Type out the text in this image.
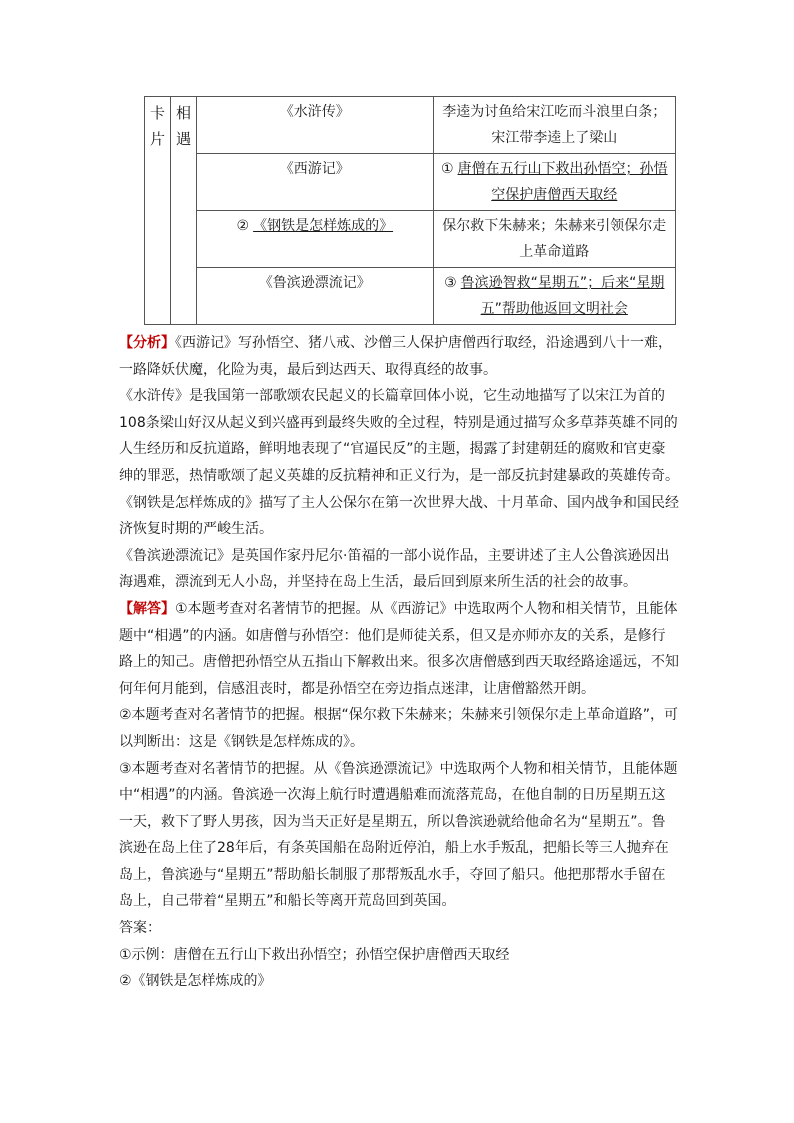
卡片	相遇	《水浒传》	李逵为讨鱼给宋江吃而斗浪里白条；宋江带李逵上了梁山
		《西游记》	① 唐僧在五行山下救出孙悟空；孙悟空保护唐僧西天取经
		② 《钢铁是怎样炼成的》	保尔救下朱赫来；朱赫来引领保尔走上革命道路
		《鲁滨逊漂流记》	③ 鲁滨逊智救“星期五”；后来“星期五”帮助他返回文明社会

【分析】《西游记》写孙悟空、猪八戒、沙僧三人保护唐僧西行取经，沿途遇到八十一难，一路降妖伏魔，化险为夷，最后到达西天、取得真经的故事。

《水浒传》是我国第一部歌颂农民起义的长篇章回体小说，它生动地描写了以宋江为首的108条梁山好汉从起义到兴盛再到最终失败的全过程，特别是通过描写众多草莽英雄不同的人生经历和反抗道路，鲜明地表现了“官逼民反”的主题，揭露了封建朝廷的腐败和官吏豪绅的罪恶，热情歌颂了起义英雄的反抗精神和正义行为，是一部反抗封建暴政的英雄传奇。

《钢铁是怎样炼成的》描写了主人公保尔在第一次世界大战、十月革命、国内战争和国民经济恢复时期的严峻生活。

《鲁滨逊漂流记》是英国作家丹尼尔·笛福的一部小说作品，主要讲述了主人公鲁滨逊因出海遇难，漂流到无人小岛，并坚持在岛上生活，最后回到原来所生活的社会的故事。

【解答】①本题考查对名著情节的把握。从《西游记》中选取两个人物和相关情节，且能体题中“相遇”的内涵。如唐僧与孙悟空：他们是师徒关系，但又是亦师亦友的关系，是修行路上的知己。唐僧把孙悟空从五指山下解救出来。很多次唐僧感到西天取经路途遥远，不知何年何月能到，信感沮丧时，都是孙悟空在旁边指点迷津，让唐僧豁然开朗。

②本题考查对名著情节的把握。根据“保尔救下朱赫来；朱赫来引领保尔走上革命道路”，可以判断出：这是《钢铁是怎样炼成的》。

③本题考查对名著情节的把握。从《鲁滨逊漂流记》中选取两个人物和相关情节，且能体题中“相遇”的内涵。鲁滨逊一次海上航行时遭遇船难而流落荒岛，在他自制的日历星期五这一天，救下了野人男孩，因为当天正好是星期五，所以鲁滨逊就给他命名为“星期五”。鲁滨逊在岛上住了28年后，有条英国船在岛附近停泊，船上水手叛乱，把船长等三人抛弃在岛上，鲁滨逊与“星期五”帮助船长制服了那帮叛乱水手，夺回了船只。他把那帮水手留在岛上，自己带着“星期五”和船长等离开荒岛回到英国。

答案：

①示例：唐僧在五行山下救出孙悟空；孙悟空保护唐僧西天取经

②《钢铁是怎样炼成的》
